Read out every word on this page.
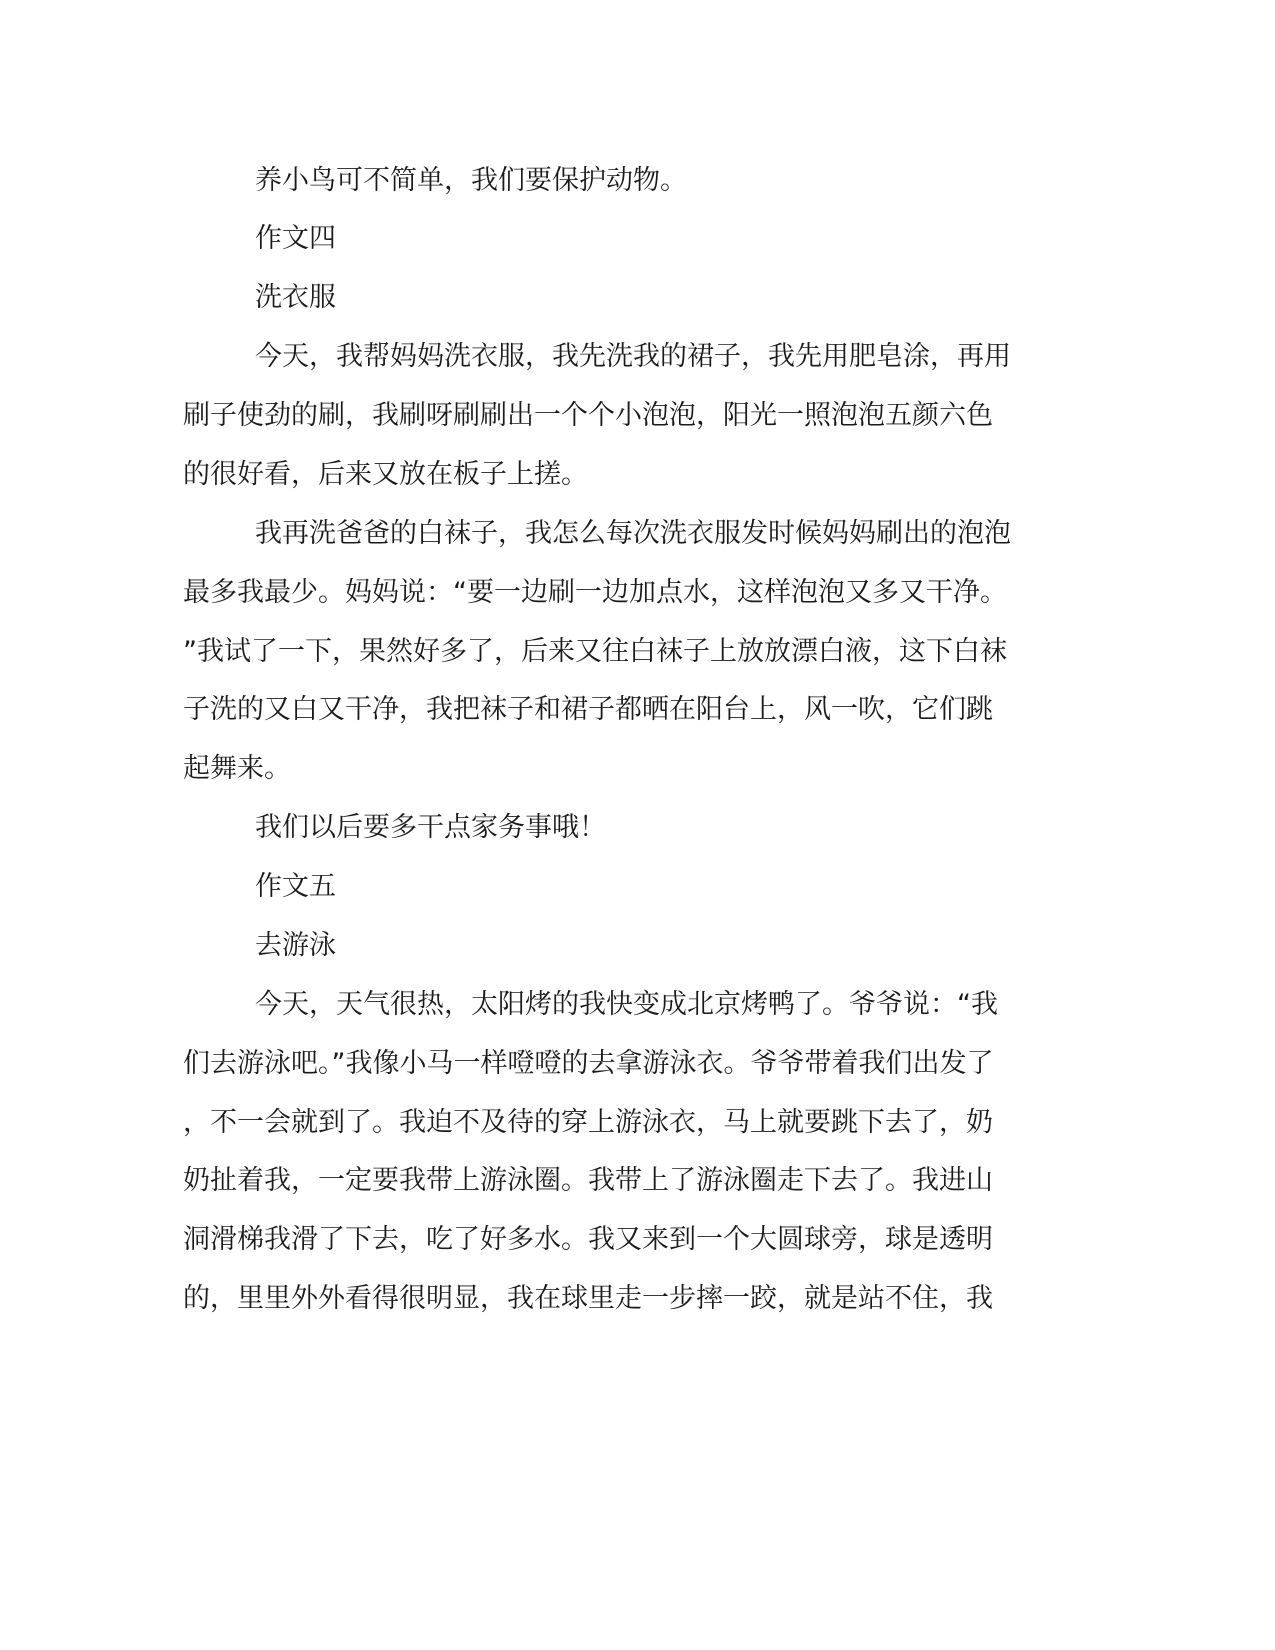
养小鸟可不简单，我们要保护动物。
作文四
洗衣服
今天，我帮妈妈洗衣服，我先洗我的裙子，我先用肥皂涂，再用
刷子使劲的刷，我刷呀刷刷出一个个小泡泡，阳光一照泡泡五颜六色
的很好看，后来又放在板子上搓。
我再洗爸爸的白袜子，我怎么每次洗衣服发时候妈妈刷出的泡泡
最多我最少。妈妈说：“要一边刷一边加点水，这样泡泡又多又干净。
”我试了一下，果然好多了，后来又往白袜子上放放漂白液，这下白袜
子洗的又白又干净，我把袜子和裙子都晒在阳台上，风一吹，它们跳
起舞来。
我们以后要多干点家务事哦！
作文五
去游泳
今天，天气很热，太阳烤的我快变成北京烤鸭了。爷爷说：“我
们去游泳吧。”我像小马一样噔噔的去拿游泳衣。爷爷带着我们出发了
，不一会就到了。我迫不及待的穿上游泳衣，马上就要跳下去了，奶
奶扯着我，一定要我带上游泳圈。我带上了游泳圈走下去了。我进山
洞滑梯我滑了下去，吃了好多水。我又来到一个大圆球旁，球是透明
的，里里外外看得很明显，我在球里走一步摔一跤，就是站不住，我
